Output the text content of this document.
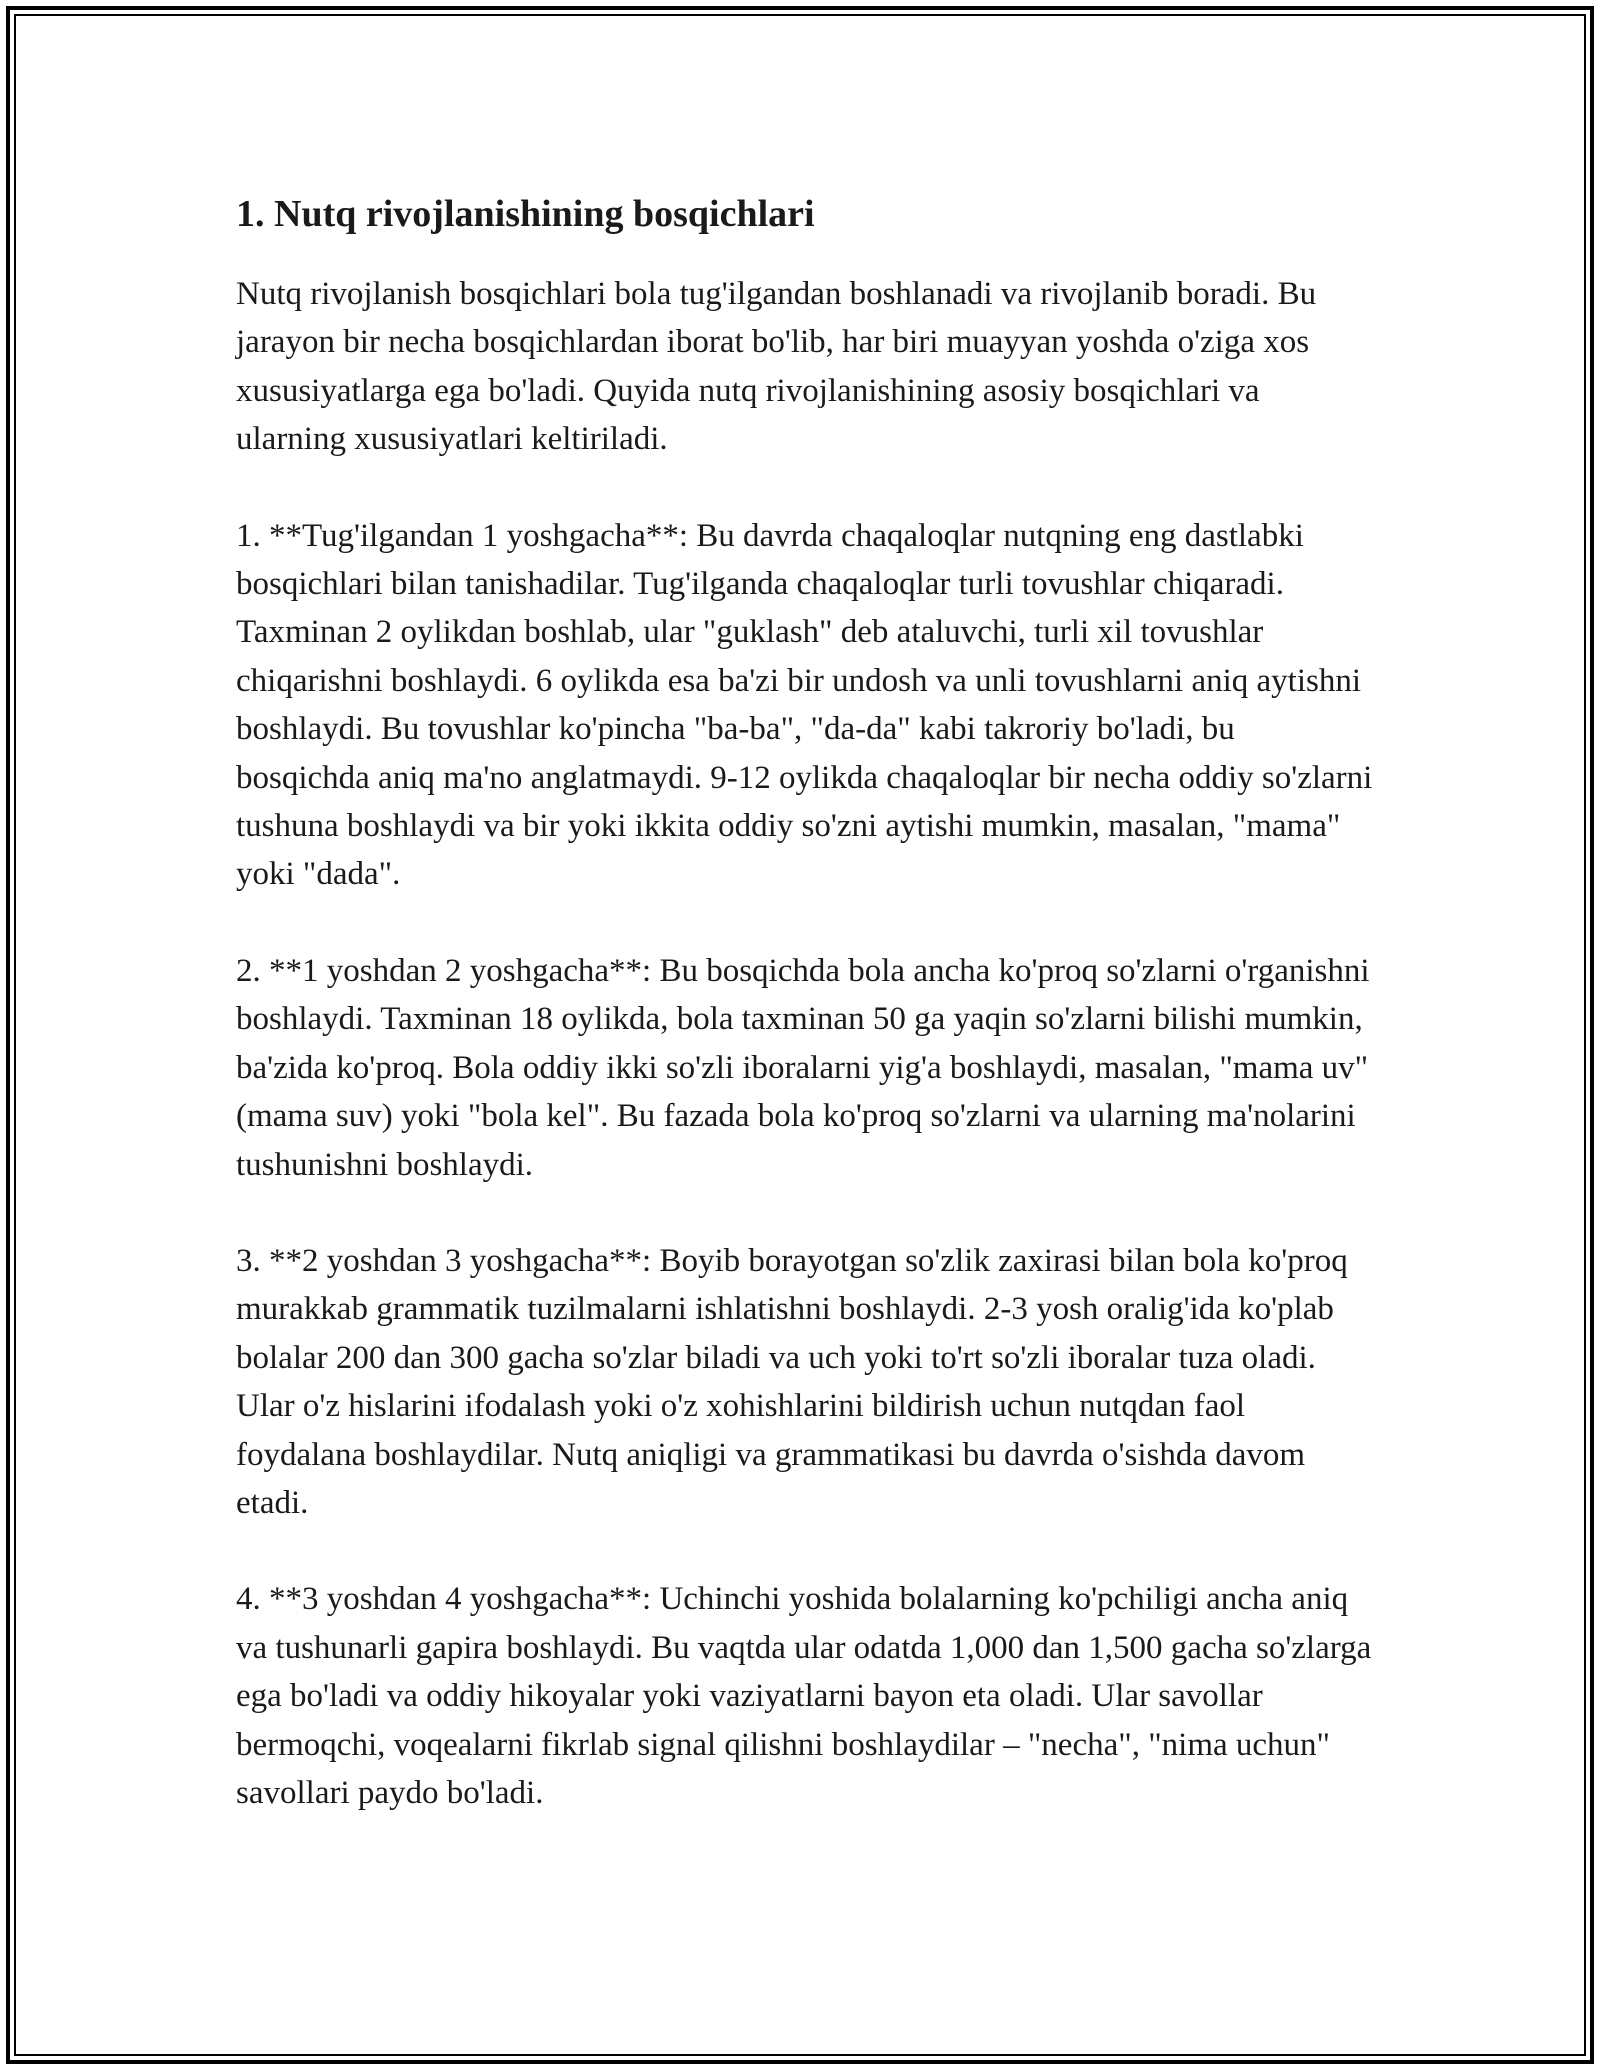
1. Nutq rivojlanishining bosqichlari

Nutq rivojlanish bosqichlari bola tug'ilgandan boshlanadi va rivojlanib boradi. Bu jarayon bir necha bosqichlardan iborat bo'lib, har biri muayyan yoshda o'ziga xos xususiyatlarga ega bo'ladi. Quyida nutq rivojlanishining asosiy bosqichlari va ularning xususiyatlari keltiriladi.

1. **Tug'ilgandan 1 yoshgacha**: Bu davrda chaqaloqlar nutqning eng dastlabki bosqichlari bilan tanishadilar. Tug'ilganda chaqaloqlar turli tovushlar chiqaradi. Taxminan 2 oylikdan boshlab, ular "guklash" deb ataluvchi, turli xil tovushlar chiqarishni boshlaydi. 6 oylikda esa ba'zi bir undosh va unli tovushlarni aniq aytishni boshlaydi. Bu tovushlar ko'pincha "ba-ba", "da-da" kabi takroriy bo'ladi, bu bosqichda aniq ma'no anglatmaydi. 9-12 oylikda chaqaloqlar bir necha oddiy so'zlarni tushuna boshlaydi va bir yoki ikkita oddiy so'zni aytishi mumkin, masalan, "mama" yoki "dada".

2. **1 yoshdan 2 yoshgacha**: Bu bosqichda bola ancha ko'proq so'zlarni o'rganishni boshlaydi. Taxminan 18 oylikda, bola taxminan 50 ga yaqin so'zlarni bilishi mumkin, ba'zida ko'proq. Bola oddiy ikki so'zli iboralarni yig'a boshlaydi, masalan, "mama uv" (mama suv) yoki "bola kel". Bu fazada bola ko'proq so'zlarni va ularning ma'nolarini tushunishni boshlaydi.

3. **2 yoshdan 3 yoshgacha**: Boyib borayotgan so'zlik zaxirasi bilan bola ko'proq murakkab grammatik tuzilmalarni ishlatishni boshlaydi. 2-3 yosh oralig'ida ko'plab bolalar 200 dan 300 gacha so'zlar biladi va uch yoki to'rt so'zli iboralar tuza oladi. Ular o'z hislarini ifodalash yoki o'z xohishlarini bildirish uchun nutqdan faol foydalana boshlaydilar. Nutq aniqligi va grammatikasi bu davrda o'sishda davom etadi.

4. **3 yoshdan 4 yoshgacha**: Uchinchi yoshida bolalarning ko'pchiligi ancha aniq va tushunarli gapira boshlaydi. Bu vaqtda ular odatda 1,000 dan 1,500 gacha so'zlarga ega bo'ladi va oddiy hikoyalar yoki vaziyatlarni bayon eta oladi. Ular savollar bermoqchi, voqealarni fikrlab signal qilishni boshlaydilar – "necha", "nima uchun" savollari paydo bo'ladi.
